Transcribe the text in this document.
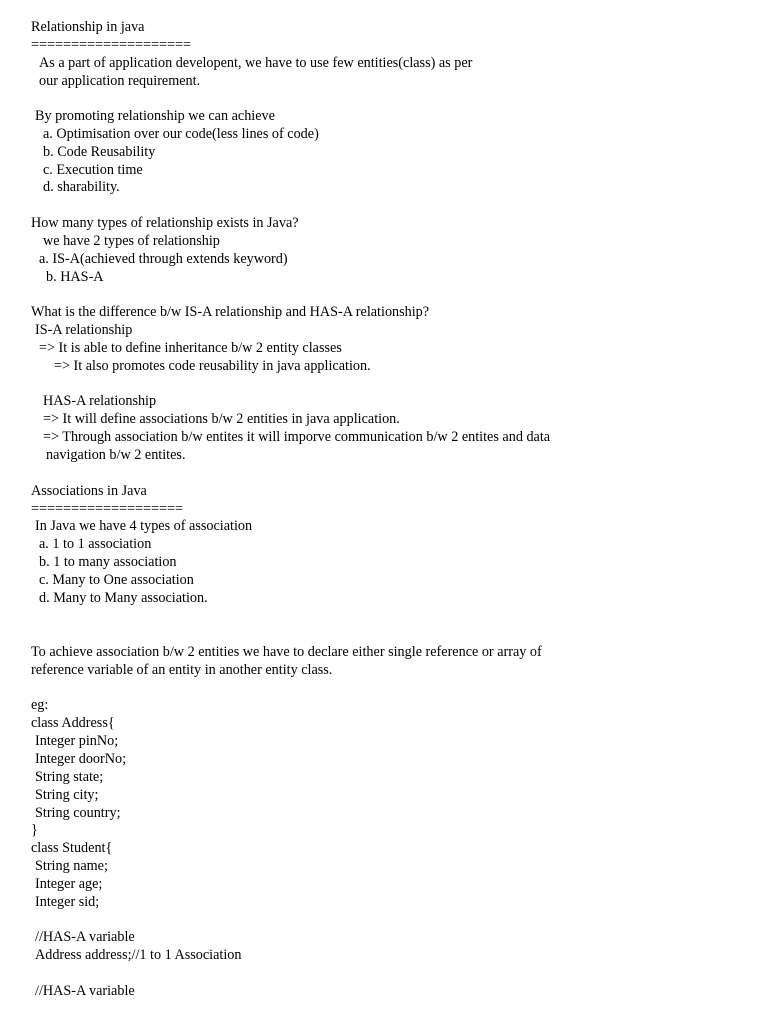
Relationship in java
====================
As a part of application developent, we have to use few entities(class) as per
our application requirement.
By promoting relationship we can achieve
a. Optimisation over our code(less lines of code)
b. Code Reusability
c. Execution time
d. sharability.
How many types of relationship exists in Java?
we have 2 types of relationship
a. IS-A(achieved through extends keyword)
b. HAS-A
What is the difference b/w IS-A relationship and HAS-A relationship?
IS-A relationship
=> It is able to define inheritance b/w 2 entity classes
=> It also promotes code reusability in java application.
HAS-A relationship
=> It will define associations b/w 2 entities in java application.
=> Through association b/w entites it will imporve communication b/w 2 entites and data
navigation b/w 2 entites.
Associations in Java
===================
In Java we have 4 types of association
a. 1 to 1 association
b. 1 to many association
c. Many to One association
d. Many to Many association.
To achieve association b/w 2 entities we have to declare either single reference or array of
reference variable of an entity in another entity class.
eg:
class Address{
Integer pinNo;
Integer doorNo;
String state;
String city;
String country;
}
class Student{
String name;
Integer age;
Integer sid;
//HAS-A variable
Address address;//1 to 1 Association
//HAS-A variable
